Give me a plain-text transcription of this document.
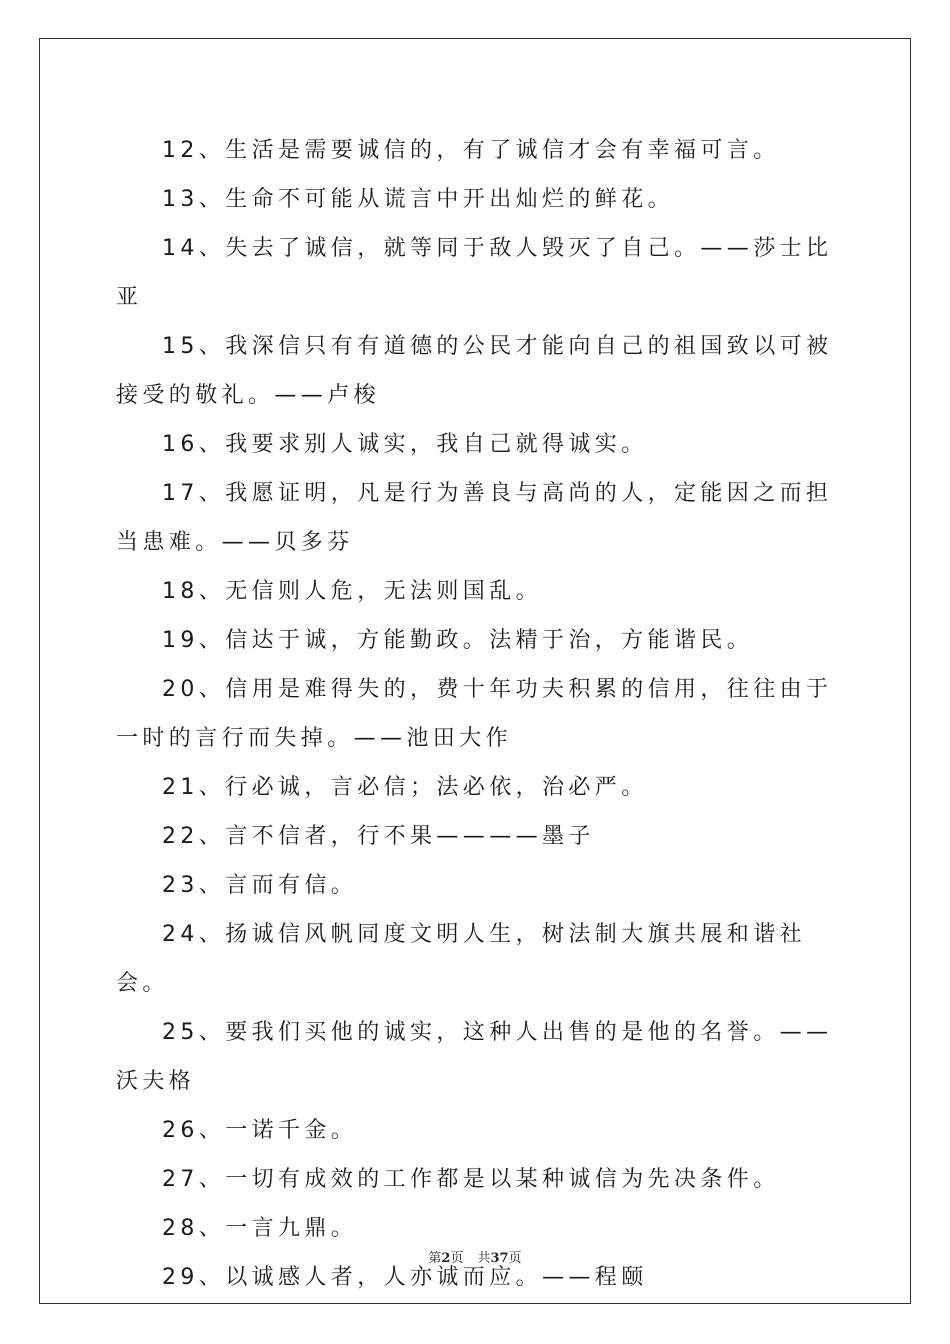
12、生活是需要诚信的，有了诚信才会有幸福可言。

13、生命不可能从谎言中开出灿烂的鲜花。

14、失去了诚信，就等同于敌人毁灭了自己。——莎士比亚

15、我深信只有有道德的公民才能向自己的祖国致以可被接受的敬礼。——卢梭

16、我要求别人诚实，我自己就得诚实。

17、我愿证明，凡是行为善良与高尚的人，定能因之而担当患难。——贝多芬

18、无信则人危，无法则国乱。

19、信达于诚，方能勤政。法精于治，方能谐民。

20、信用是难得失的，费十年功夫积累的信用，往往由于一时的言行而失掉。——池田大作

21、行必诚，言必信；法必依，治必严。

22、言不信者，行不果————墨子

23、言而有信。

24、扬诚信风帆同度文明人生，树法制大旗共展和谐社会。

25、要我们买他的诚实，这种人出售的是他的名誉。——沃夫格

26、一诺千金。

27、一切有成效的工作都是以某种诚信为先决条件。

28、一言九鼎。

29、以诚感人者，人亦诚而应。——程颐

第2页 共37页
